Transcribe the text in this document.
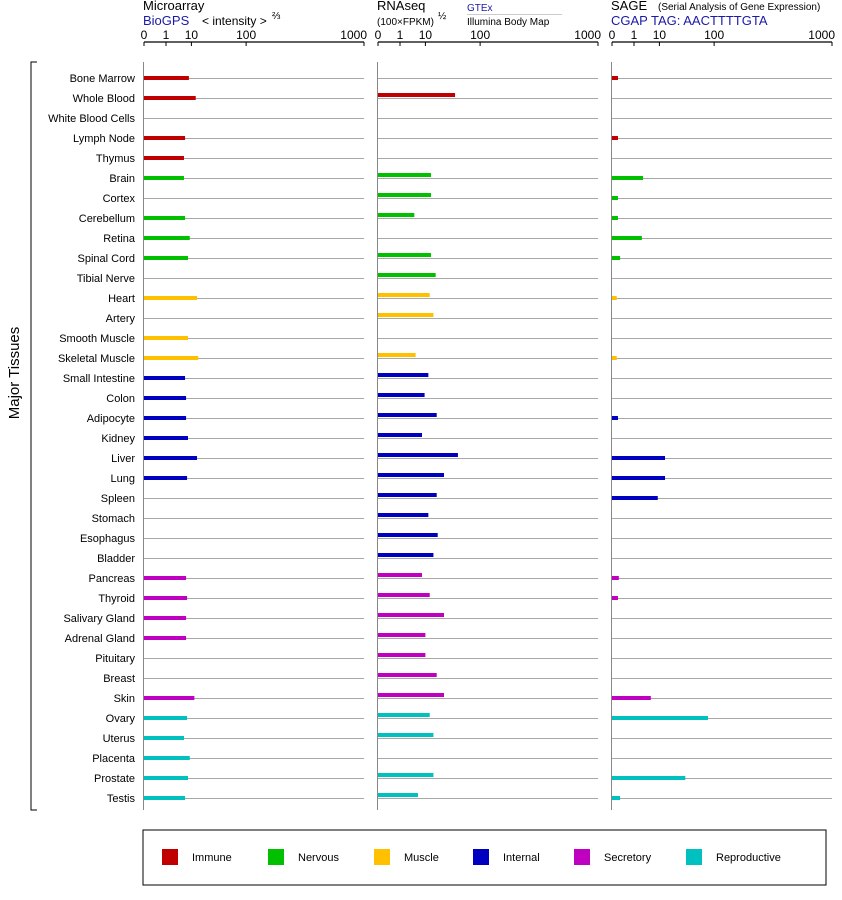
Microarray
BioGPS < intensity > ⅔
RNAseq
(100×FPKM)
½
GTEx
Illumina Body Map
SAGE (Serial Analysis of Gene Expression)
CGAP TAG: AACTTTTGTA
Major Tissues
0 1 10	100	1000 0 1 10	100	1000 0 1 10	100	1000
Bone Marrow
Whole Blood
White Blood Cells
Lymph Node
Thymus
Brain
Cortex
Cerebellum
Retina
Spinal Cord
Tibial Nerve
Heart
Artery
Smooth Muscle
Skeletal Muscle
Small Intestine
Colon
Adipocyte
Kidney
Liver
Lung
Spleen
Stomach
Esophagus
Bladder
Pancreas
Thyroid
Salivary Gland
Adrenal Gland
Pituitary
Breast
Skin
Ovary
Uterus
Placenta
Prostate
Testis
Immune	Nervous	Muscle	Internal	Secretory	Reproductive
